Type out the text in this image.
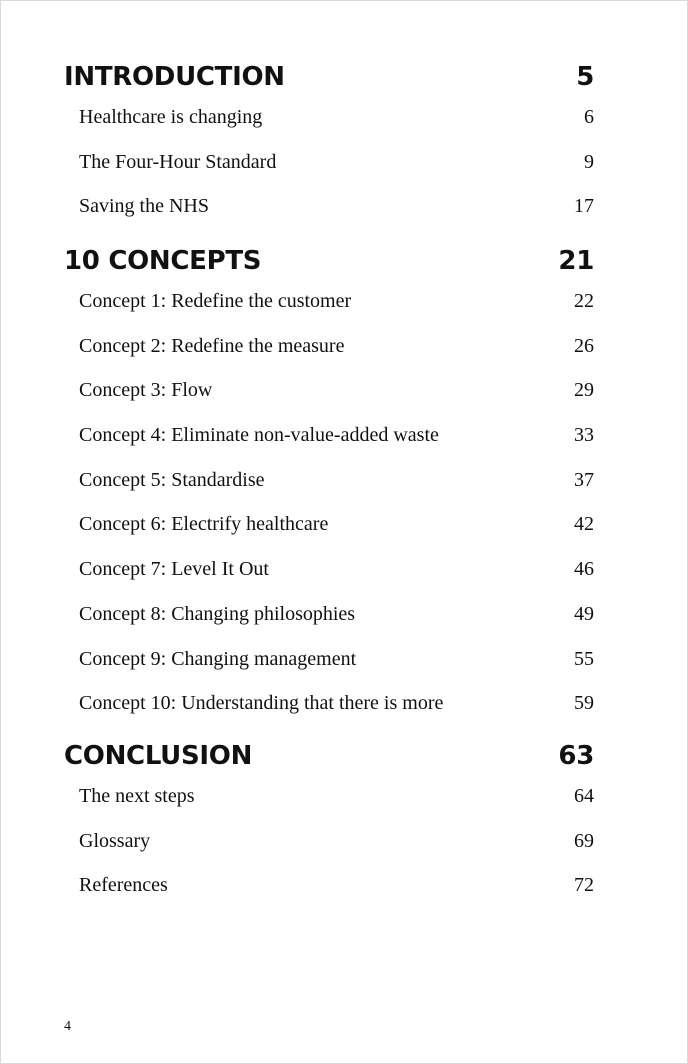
INTRODUCTION	5
Healthcare is changing	6
The Four-Hour Standard	9
Saving the NHS	17
10 CONCEPTS	21
Concept 1: Redefine the customer	22
Concept 2: Redefine the measure	26
Concept 3: Flow	29
Concept 4: Eliminate non-value-added waste	33
Concept 5: Standardise	37
Concept 6: Electrify healthcare	42
Concept 7: Level It Out	46
Concept 8: Changing philosophies	49
Concept 9: Changing management	55
Concept 10: Understanding that there is more	59
CONCLUSION	63
The next steps	64
Glossary	69
References	72
4
